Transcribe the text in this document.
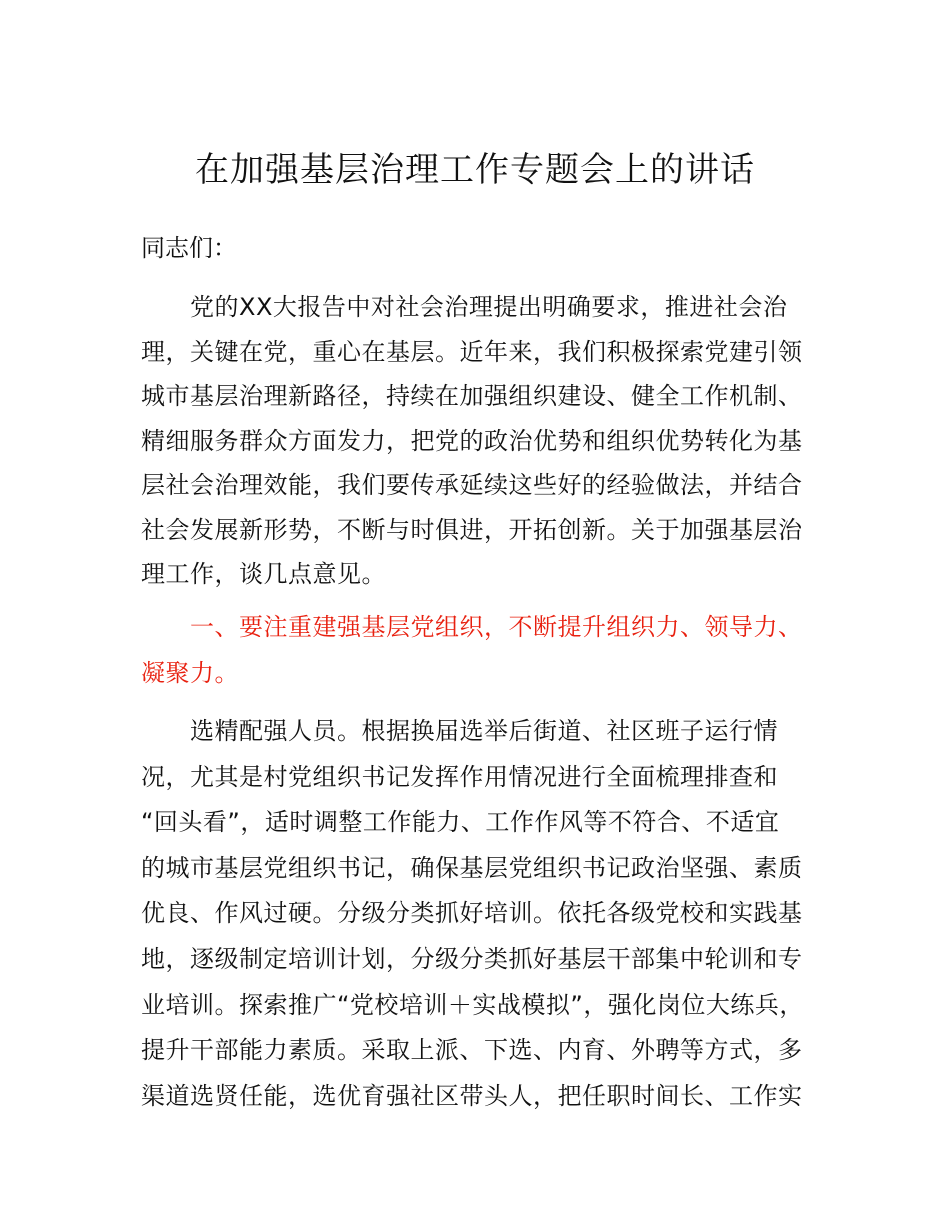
在加强基层治理工作专题会上的讲话
同志们：
　　党的XX大报告中对社会治理提出明确要求，推进社会治
理，关键在党，重心在基层。近年来，我们积极探索党建引领
城市基层治理新路径，持续在加强组织建设、健全工作机制、
精细服务群众方面发力，把党的政治优势和组织优势转化为基
层社会治理效能，我们要传承延续这些好的经验做法，并结合
社会发展新形势，不断与时俱进，开拓创新。关于加强基层治
理工作，谈几点意见。
　　一、要注重建强基层党组织，不断提升组织力、领导力、
凝聚力。
　　选精配强人员。根据换届选举后街道、社区班子运行情
况，尤其是村党组织书记发挥作用情况进行全面梳理排查和
“回头看”，适时调整工作能力、工作作风等不符合、不适宜
的城市基层党组织书记，确保基层党组织书记政治坚强、素质
优良、作风过硬。分级分类抓好培训。依托各级党校和实践基
地，逐级制定培训计划，分级分类抓好基层干部集中轮训和专
业培训。探索推广“党校培训＋实战模拟”，强化岗位大练兵，
提升干部能力素质。采取上派、下选、内育、外聘等方式，多
渠道选贤任能，选优育强社区带头人，把任职时间长、工作实
